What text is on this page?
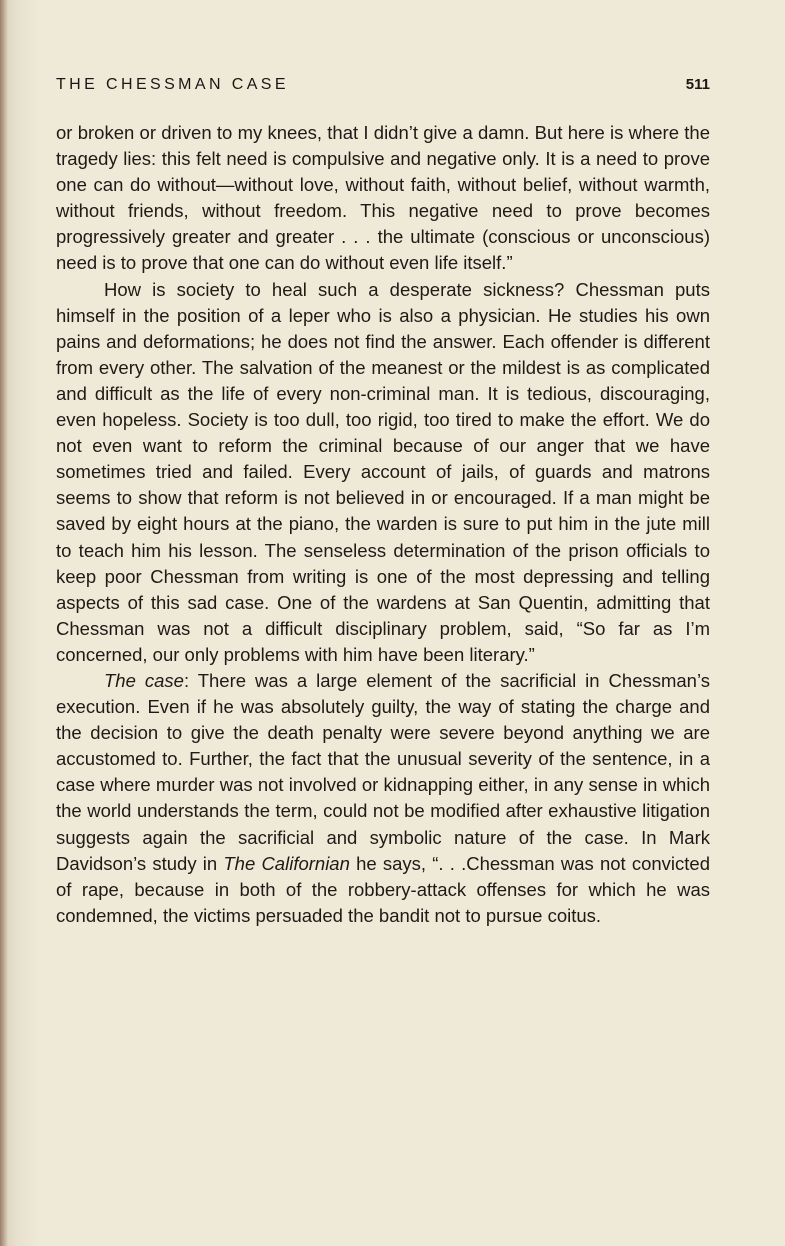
THE CHESSMAN CASE	511

or broken or driven to my knees, that I didn’t give a damn. But here is where the tragedy lies: this felt need is compulsive and negative only. It is a need to prove one can do without—without love, without faith, without belief, without warmth, without friends, without freedom. This negative need to prove becomes progressively greater and greater . . . the ultimate (conscious or unconscious) need is to prove that one can do without even life itself.”

How is society to heal such a desperate sickness? Chessman puts himself in the position of a leper who is also a physician. He studies his own pains and deformations; he does not find the answer. Each offender is different from every other. The salvation of the meanest or the mildest is as complicated and difficult as the life of every non-criminal man. It is tedious, discouraging, even hopeless. Society is too dull, too rigid, too tired to make the effort. We do not even want to reform the criminal because of our anger that we have sometimes tried and failed. Every account of jails, of guards and matrons seems to show that reform is not believed in or encouraged. If a man might be saved by eight hours at the piano, the warden is sure to put him in the jute mill to teach him his lesson. The senseless determination of the prison officials to keep poor Chessman from writing is one of the most depressing and telling aspects of this sad case. One of the wardens at San Quentin, admitting that Chessman was not a difficult disciplinary problem, said, “So far as I’m concerned, our only problems with him have been literary.”

The case: There was a large element of the sacrificial in Chessman’s execution. Even if he was absolutely guilty, the way of stating the charge and the decision to give the death penalty were severe beyond anything we are accustomed to. Further, the fact that the unusual severity of the sentence, in a case where murder was not involved or kidnapping either, in any sense in which the world understands the term, could not be modified after exhaustive litigation suggests again the sacrificial and symbolic nature of the case. In Mark Davidson’s study in The Californian he says, “. . .Chessman was not convicted of rape, because in both of the robbery-attack offenses for which he was condemned, the victims persuaded the bandit not to pursue coitus.
